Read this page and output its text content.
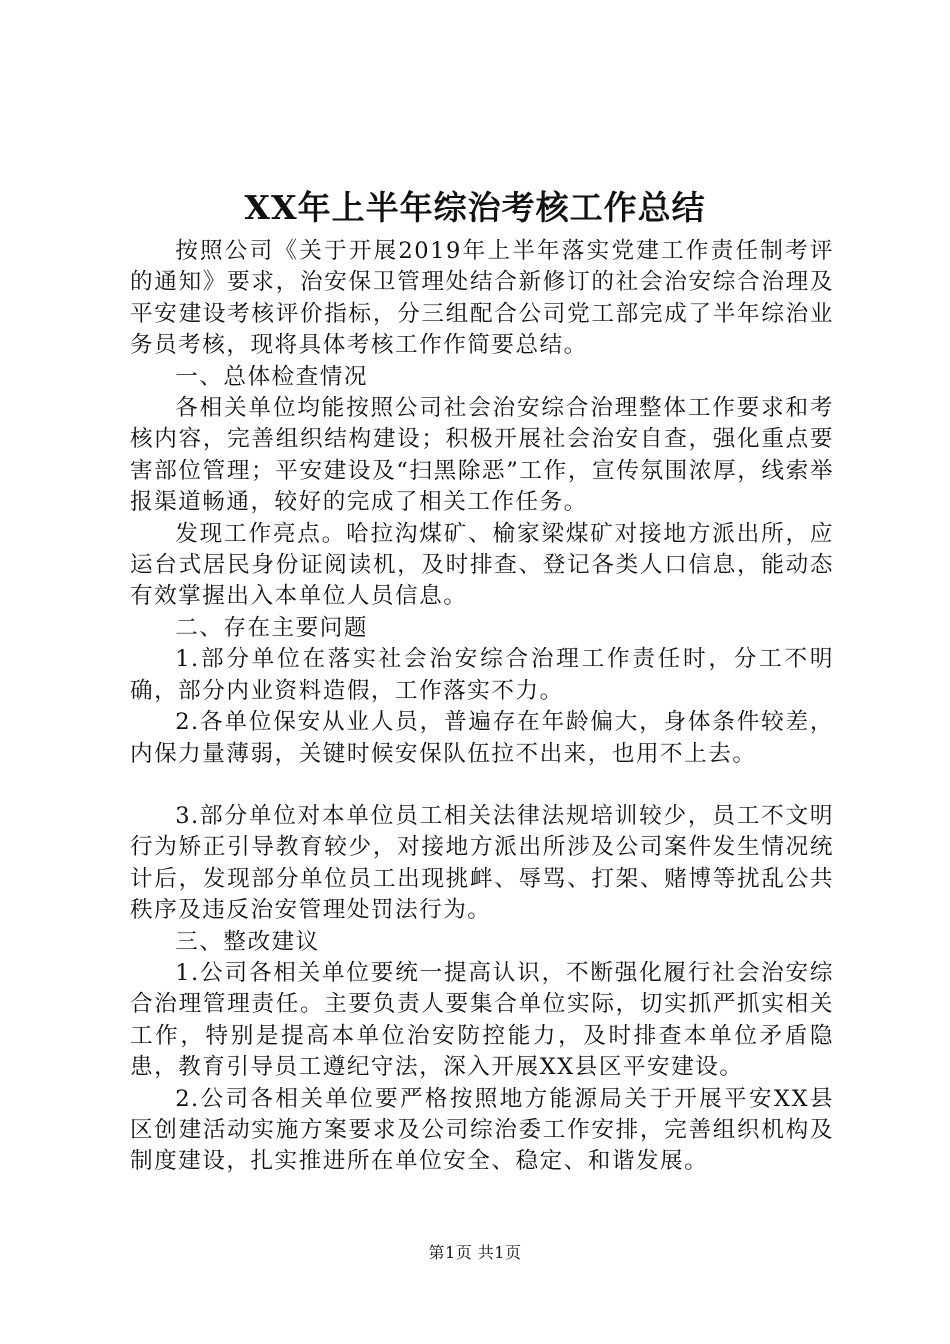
XX年上半年综治考核工作总结

按照公司《关于开展2019年上半年落实党建工作责任制考评的通知》要求，治安保卫管理处结合新修订的社会治安综合治理及平安建设考核评价指标，分三组配合公司党工部完成了半年综治业务员考核，现将具体考核工作作简要总结。

一、总体检查情况

各相关单位均能按照公司社会治安综合治理整体工作要求和考核内容，完善组织结构建设；积极开展社会治安自查，强化重点要害部位管理；平安建设及“扫黑除恶”工作，宣传氛围浓厚，线索举报渠道畅通，较好的完成了相关工作任务。

发现工作亮点。哈拉沟煤矿、榆家梁煤矿对接地方派出所，应运台式居民身份证阅读机，及时排查、登记各类人口信息，能动态有效掌握出入本单位人员信息。

二、存在主要问题

1.部分单位在落实社会治安综合治理工作责任时，分工不明确，部分内业资料造假，工作落实不力。

2.各单位保安从业人员，普遍存在年龄偏大，身体条件较差，内保力量薄弱，关键时候安保队伍拉不出来，也用不上去。

3.部分单位对本单位员工相关法律法规培训较少，员工不文明行为矫正引导教育较少，对接地方派出所涉及公司案件发生情况统计后，发现部分单位员工出现挑衅、辱骂、打架、赌博等扰乱公共秩序及违反治安管理处罚法行为。

三、整改建议

1.公司各相关单位要统一提高认识，不断强化履行社会治安综合治理管理责任。主要负责人要集合单位实际，切实抓严抓实相关工作，特别是提高本单位治安防控能力，及时排查本单位矛盾隐患，教育引导员工遵纪守法，深入开展XX县区平安建设。

2.公司各相关单位要严格按照地方能源局关于开展平安XX县区创建活动实施方案要求及公司综治委工作安排，完善组织机构及制度建设，扎实推进所在单位安全、稳定、和谐发展。

第1页 共1页
